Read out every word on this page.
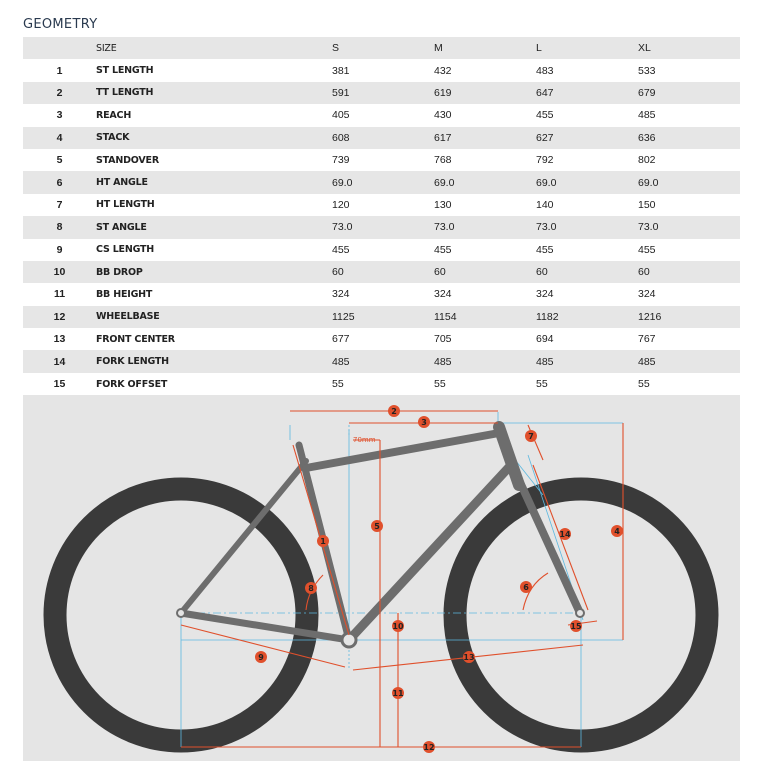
GEOMETRY
	SIZE	S	M	L	XL
1	ST LENGTH	381	432	483	533
2	TT LENGTH	591	619	647	679
3	REACH	405	430	455	485
4	STACK	608	617	627	636
5	STANDOVER	739	768	792	802
6	HT ANGLE	69.0	69.0	69.0	69.0
7	HT LENGTH	120	130	140	150
8	ST ANGLE	73.0	73.0	73.0	73.0
9	CS LENGTH	455	455	455	455
10	BB DROP	60	60	60	60
11	BB HEIGHT	324	324	324	324
12	WHEELBASE	1125	1154	1182	1216
13	FRONT CENTER	677	705	694	767
14	FORK LENGTH	485	485	485	485
15	FORK OFFSET	55	55	55	55
70mm
1
2
3
4
5
6
7
8
9
10
11
12
13
14
15
